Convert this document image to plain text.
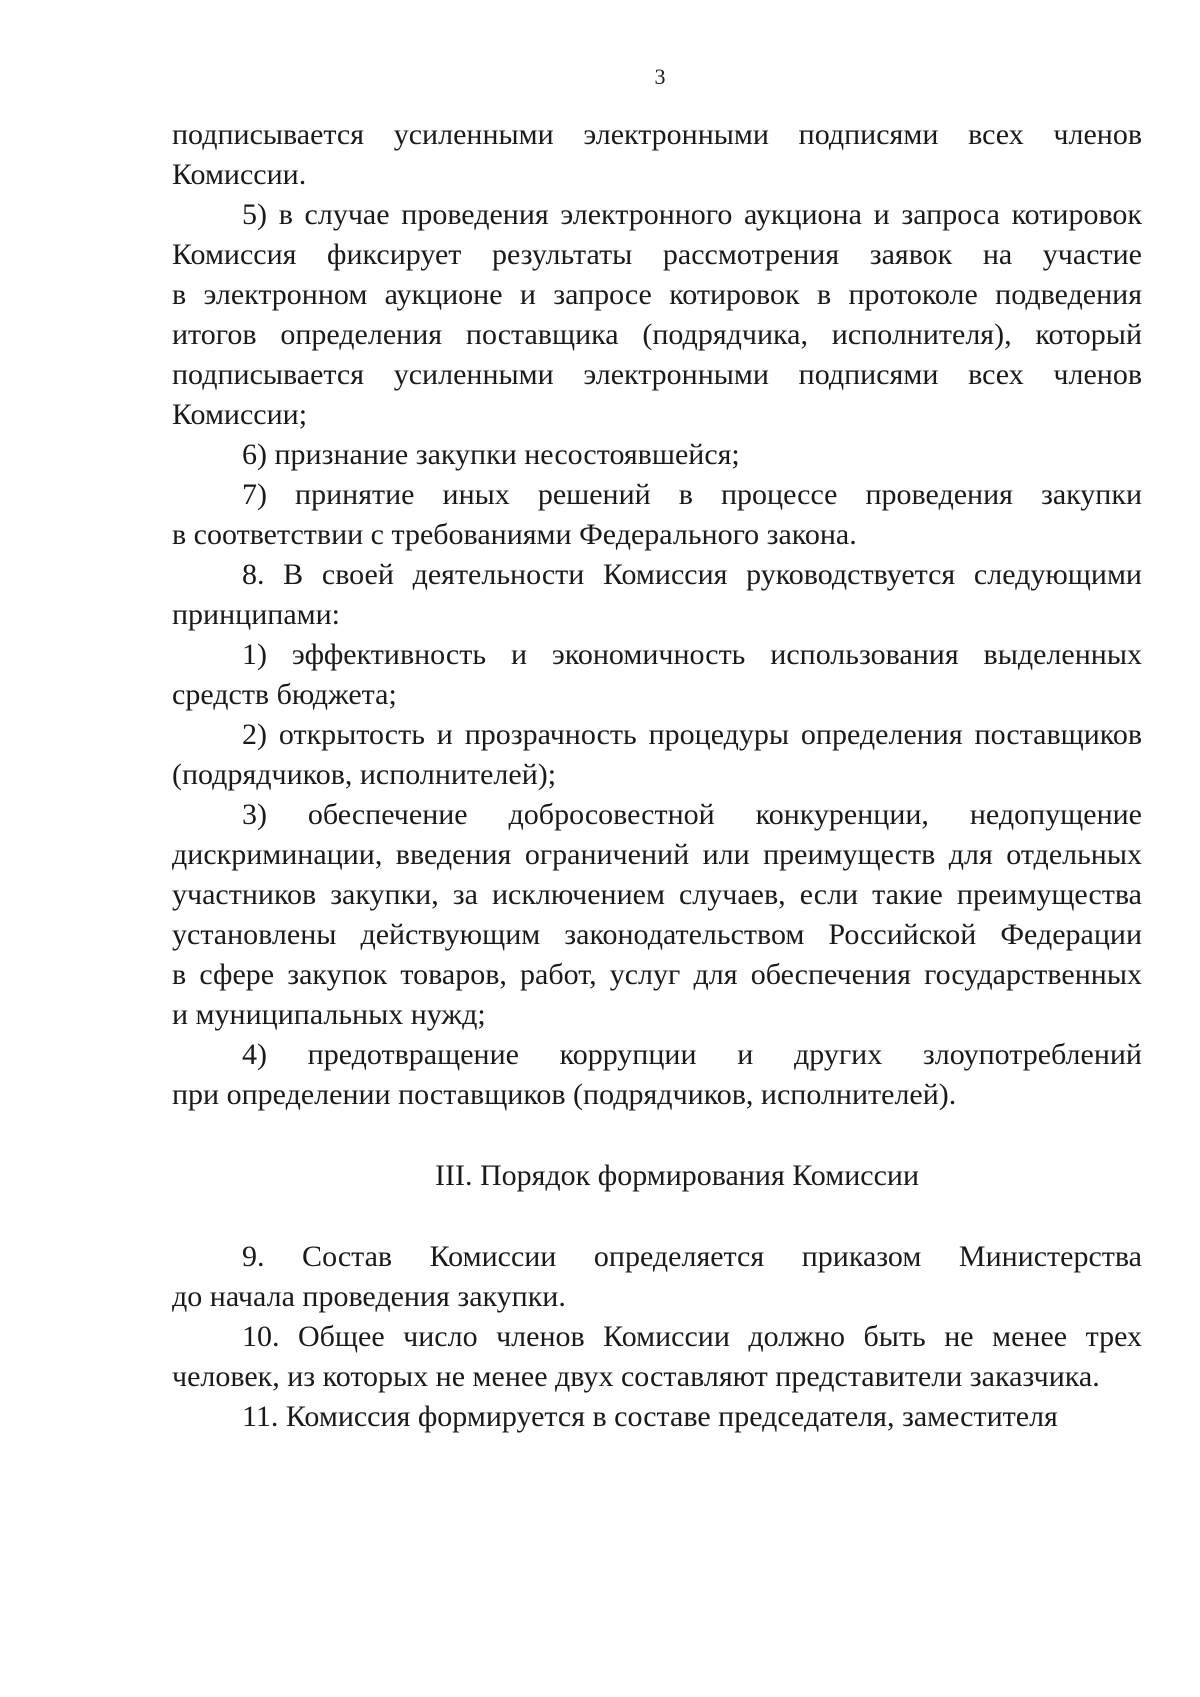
3
подписывается усиленными электронными подписями всех членов
Комиссии.
5) в случае проведения электронного аукциона и запроса котировок
Комиссия фиксирует результаты рассмотрения заявок на участие
в электронном аукционе и запросе котировок в протоколе подведения
итогов определения поставщика (подрядчика, исполнителя), который
подписывается усиленными электронными подписями всех членов
Комиссии;
6) признание закупки несостоявшейся;
7) принятие иных решений в процессе проведения закупки
в соответствии с требованиями Федерального закона.
8. В своей деятельности Комиссия руководствуется следующими
принципами:
1) эффективность и экономичность использования выделенных
средств бюджета;
2) открытость и прозрачность процедуры определения поставщиков
(подрядчиков, исполнителей);
3) обеспечение добросовестной конкуренции, недопущение
дискриминации, введения ограничений или преимуществ для отдельных
участников закупки, за исключением случаев, если такие преимущества
установлены действующим законодательством Российской Федерации
в сфере закупок товаров, работ, услуг для обеспечения государственных
и муниципальных нужд;
4) предотвращение коррупции и других злоупотреблений
при определении поставщиков (подрядчиков, исполнителей).
III. Порядок формирования Комиссии
9. Состав Комиссии определяется приказом Министерства
до начала проведения закупки.
10. Общее число членов Комиссии должно быть не менее трех
человек, из которых не менее двух составляют представители заказчика.
11. Комиссия формируется в составе председателя, заместителя
